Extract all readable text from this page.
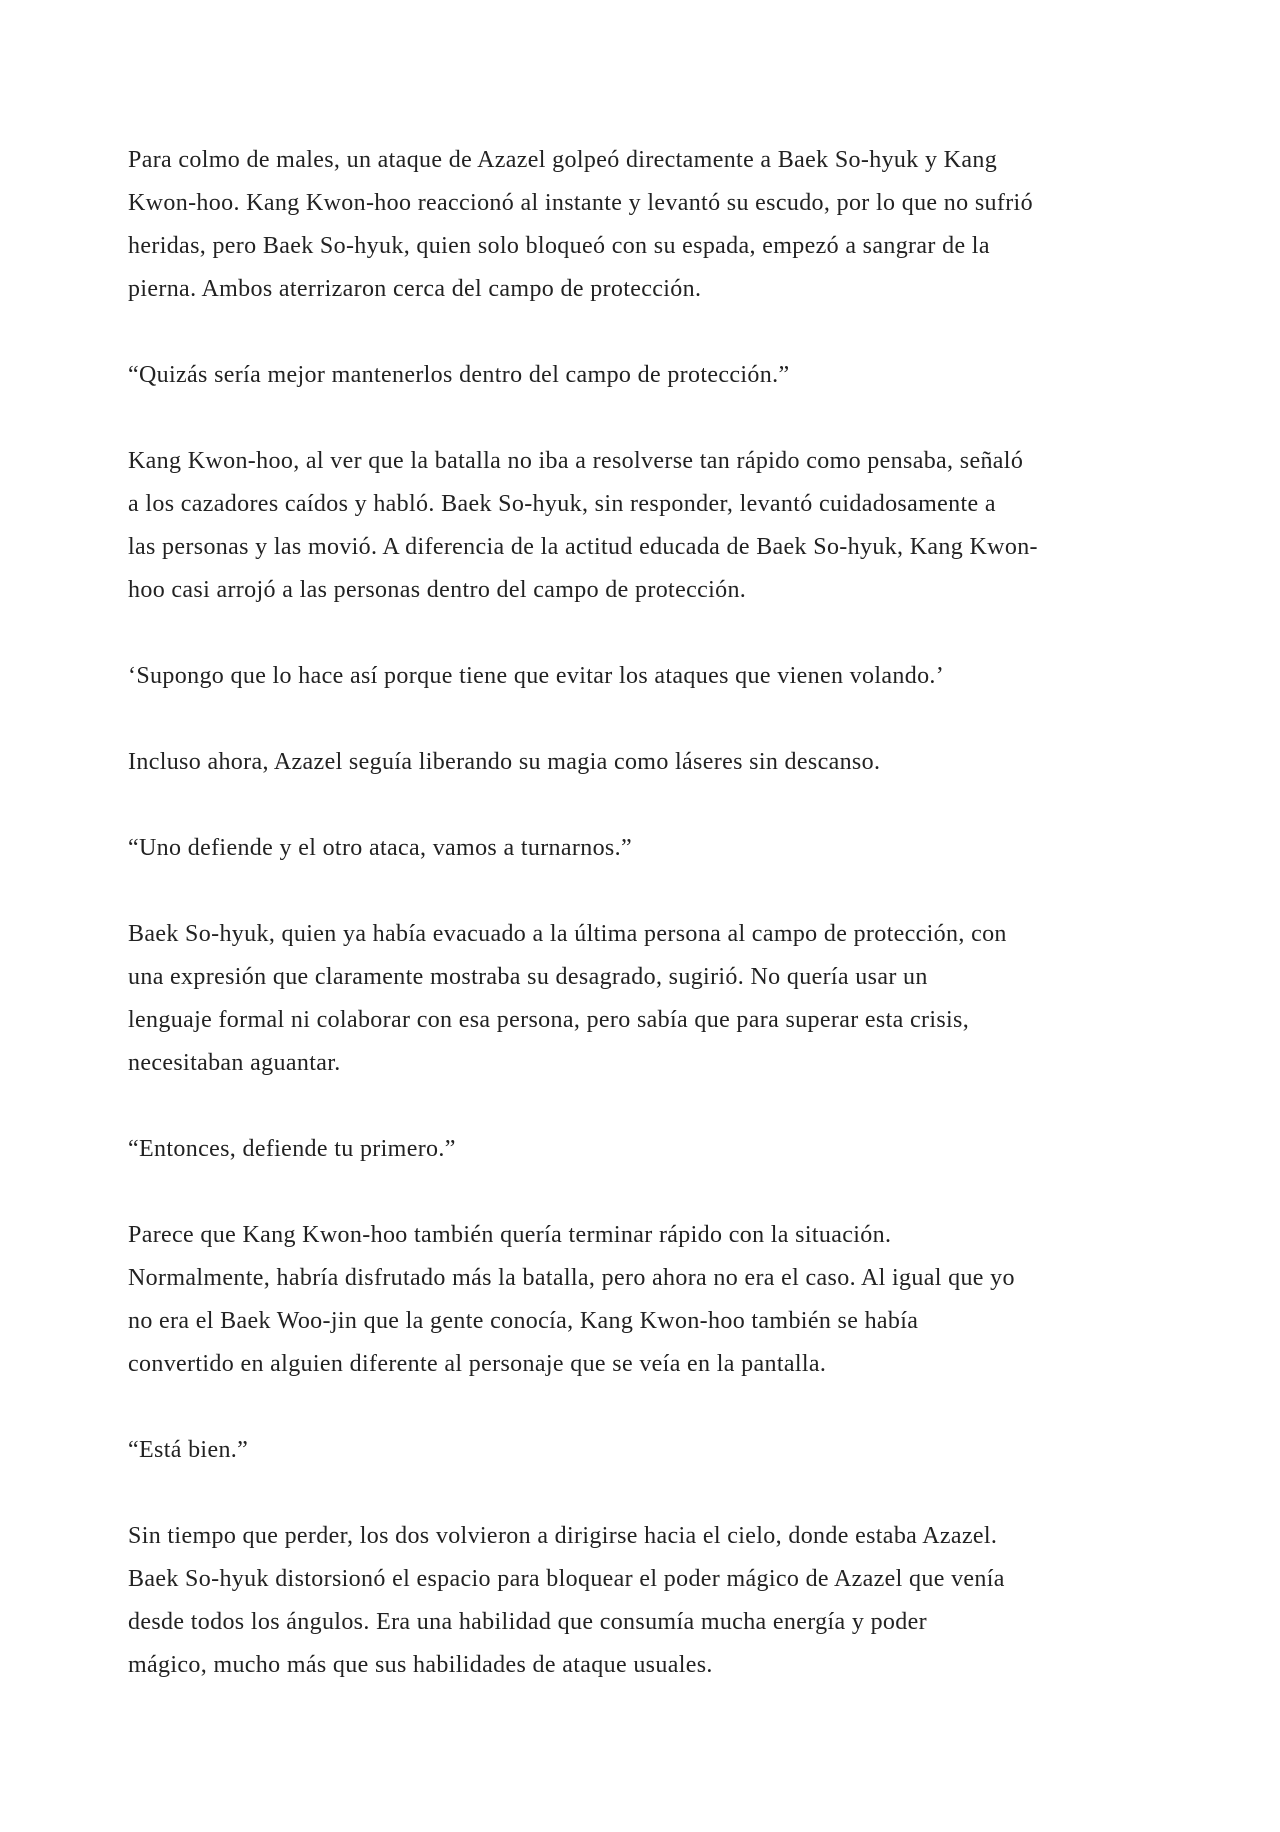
Para colmo de males, un ataque de Azazel golpeó directamente a Baek So-hyuk y Kang
Kwon-hoo. Kang Kwon-hoo reaccionó al instante y levantó su escudo, por lo que no sufrió
heridas, pero Baek So-hyuk, quien solo bloqueó con su espada, empezó a sangrar de la
pierna. Ambos aterrizaron cerca del campo de protección.

“Quizás sería mejor mantenerlos dentro del campo de protección.”

Kang Kwon-hoo, al ver que la batalla no iba a resolverse tan rápido como pensaba, señaló
a los cazadores caídos y habló. Baek So-hyuk, sin responder, levantó cuidadosamente a
las personas y las movió. A diferencia de la actitud educada de Baek So-hyuk, Kang Kwon-
hoo casi arrojó a las personas dentro del campo de protección.

‘Supongo que lo hace así porque tiene que evitar los ataques que vienen volando.’

Incluso ahora, Azazel seguía liberando su magia como láseres sin descanso.

“Uno defiende y el otro ataca, vamos a turnarnos.”

Baek So-hyuk, quien ya había evacuado a la última persona al campo de protección, con
una expresión que claramente mostraba su desagrado, sugirió. No quería usar un
lenguaje formal ni colaborar con esa persona, pero sabía que para superar esta crisis,
necesitaban aguantar.

“Entonces, defiende tu primero.”

Parece que Kang Kwon-hoo también quería terminar rápido con la situación.
Normalmente, habría disfrutado más la batalla, pero ahora no era el caso. Al igual que yo
no era el Baek Woo-jin que la gente conocía, Kang Kwon-hoo también se había
convertido en alguien diferente al personaje que se veía en la pantalla.

“Está bien.”

Sin tiempo que perder, los dos volvieron a dirigirse hacia el cielo, donde estaba Azazel.
Baek So-hyuk distorsionó el espacio para bloquear el poder mágico de Azazel que venía
desde todos los ángulos. Era una habilidad que consumía mucha energía y poder
mágico, mucho más que sus habilidades de ataque usuales.
